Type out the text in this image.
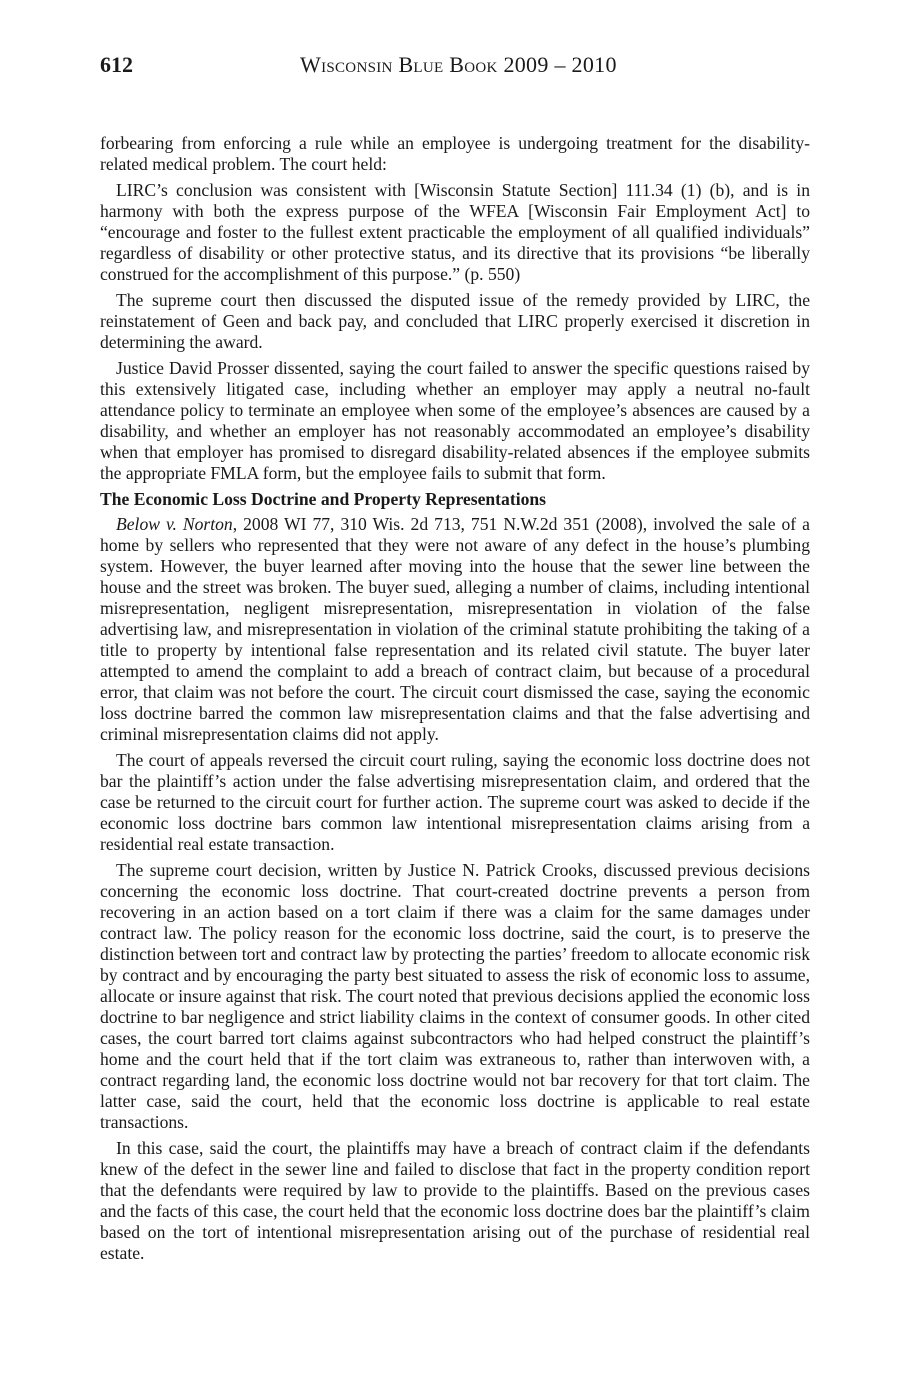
612	Wisconsin Blue Book 2009 – 2010

forbearing from enforcing a rule while an employee is undergoing treatment for the disability-related medical problem. The court held:

LIRC’s conclusion was consistent with [Wisconsin Statute Section] 111.34 (1) (b), and is in harmony with both the express purpose of the WFEA [Wisconsin Fair Employment Act] to “encourage and foster to the fullest extent practicable the employment of all qualified individuals” regardless of disability or other protective status, and its directive that its provisions “be liberally construed for the accomplishment of this purpose.” (p. 550)

The supreme court then discussed the disputed issue of the remedy provided by LIRC, the reinstatement of Geen and back pay, and concluded that LIRC properly exercised it discretion in determining the award.

Justice David Prosser dissented, saying the court failed to answer the specific questions raised by this extensively litigated case, including whether an employer may apply a neutral no-fault attendance policy to terminate an employee when some of the employee’s absences are caused by a disability, and whether an employer has not reasonably accommodated an employee’s disability when that employer has promised to disregard disability-related absences if the employee submits the appropriate FMLA form, but the employee fails to submit that form.

The Economic Loss Doctrine and Property Representations

Below v. Norton, 2008 WI 77, 310 Wis. 2d 713, 751 N.W.2d 351 (2008), involved the sale of a home by sellers who represented that they were not aware of any defect in the house’s plumbing system. However, the buyer learned after moving into the house that the sewer line between the house and the street was broken. The buyer sued, alleging a number of claims, including intentional misrepresentation, negligent misrepresentation, misrepresentation in violation of the false advertising law, and misrepresentation in violation of the criminal statute prohibiting the taking of a title to property by intentional false representation and its related civil statute. The buyer later attempted to amend the complaint to add a breach of contract claim, but because of a procedural error, that claim was not before the court. The circuit court dismissed the case, saying the economic loss doctrine barred the common law misrepresentation claims and that the false advertising and criminal misrepresentation claims did not apply.

The court of appeals reversed the circuit court ruling, saying the economic loss doctrine does not bar the plaintiff’s action under the false advertising misrepresentation claim, and ordered that the case be returned to the circuit court for further action. The supreme court was asked to decide if the economic loss doctrine bars common law intentional misrepresentation claims arising from a residential real estate transaction.

The supreme court decision, written by Justice N. Patrick Crooks, discussed previous decisions concerning the economic loss doctrine. That court-created doctrine prevents a person from recovering in an action based on a tort claim if there was a claim for the same damages under contract law. The policy reason for the economic loss doctrine, said the court, is to preserve the distinction between tort and contract law by protecting the parties’ freedom to allocate economic risk by contract and by encouraging the party best situated to assess the risk of economic loss to assume, allocate or insure against that risk. The court noted that previous decisions applied the economic loss doctrine to bar negligence and strict liability claims in the context of consumer goods. In other cited cases, the court barred tort claims against subcontractors who had helped construct the plaintiff’s home and the court held that if the tort claim was extraneous to, rather than interwoven with, a contract regarding land, the economic loss doctrine would not bar recovery for that tort claim. The latter case, said the court, held that the economic loss doctrine is applicable to real estate transactions.

In this case, said the court, the plaintiffs may have a breach of contract claim if the defendants knew of the defect in the sewer line and failed to disclose that fact in the property condition report that the defendants were required by law to provide to the plaintiffs. Based on the previous cases and the facts of this case, the court held that the economic loss doctrine does bar the plaintiff’s claim based on the tort of intentional misrepresentation arising out of the purchase of residential real estate.
